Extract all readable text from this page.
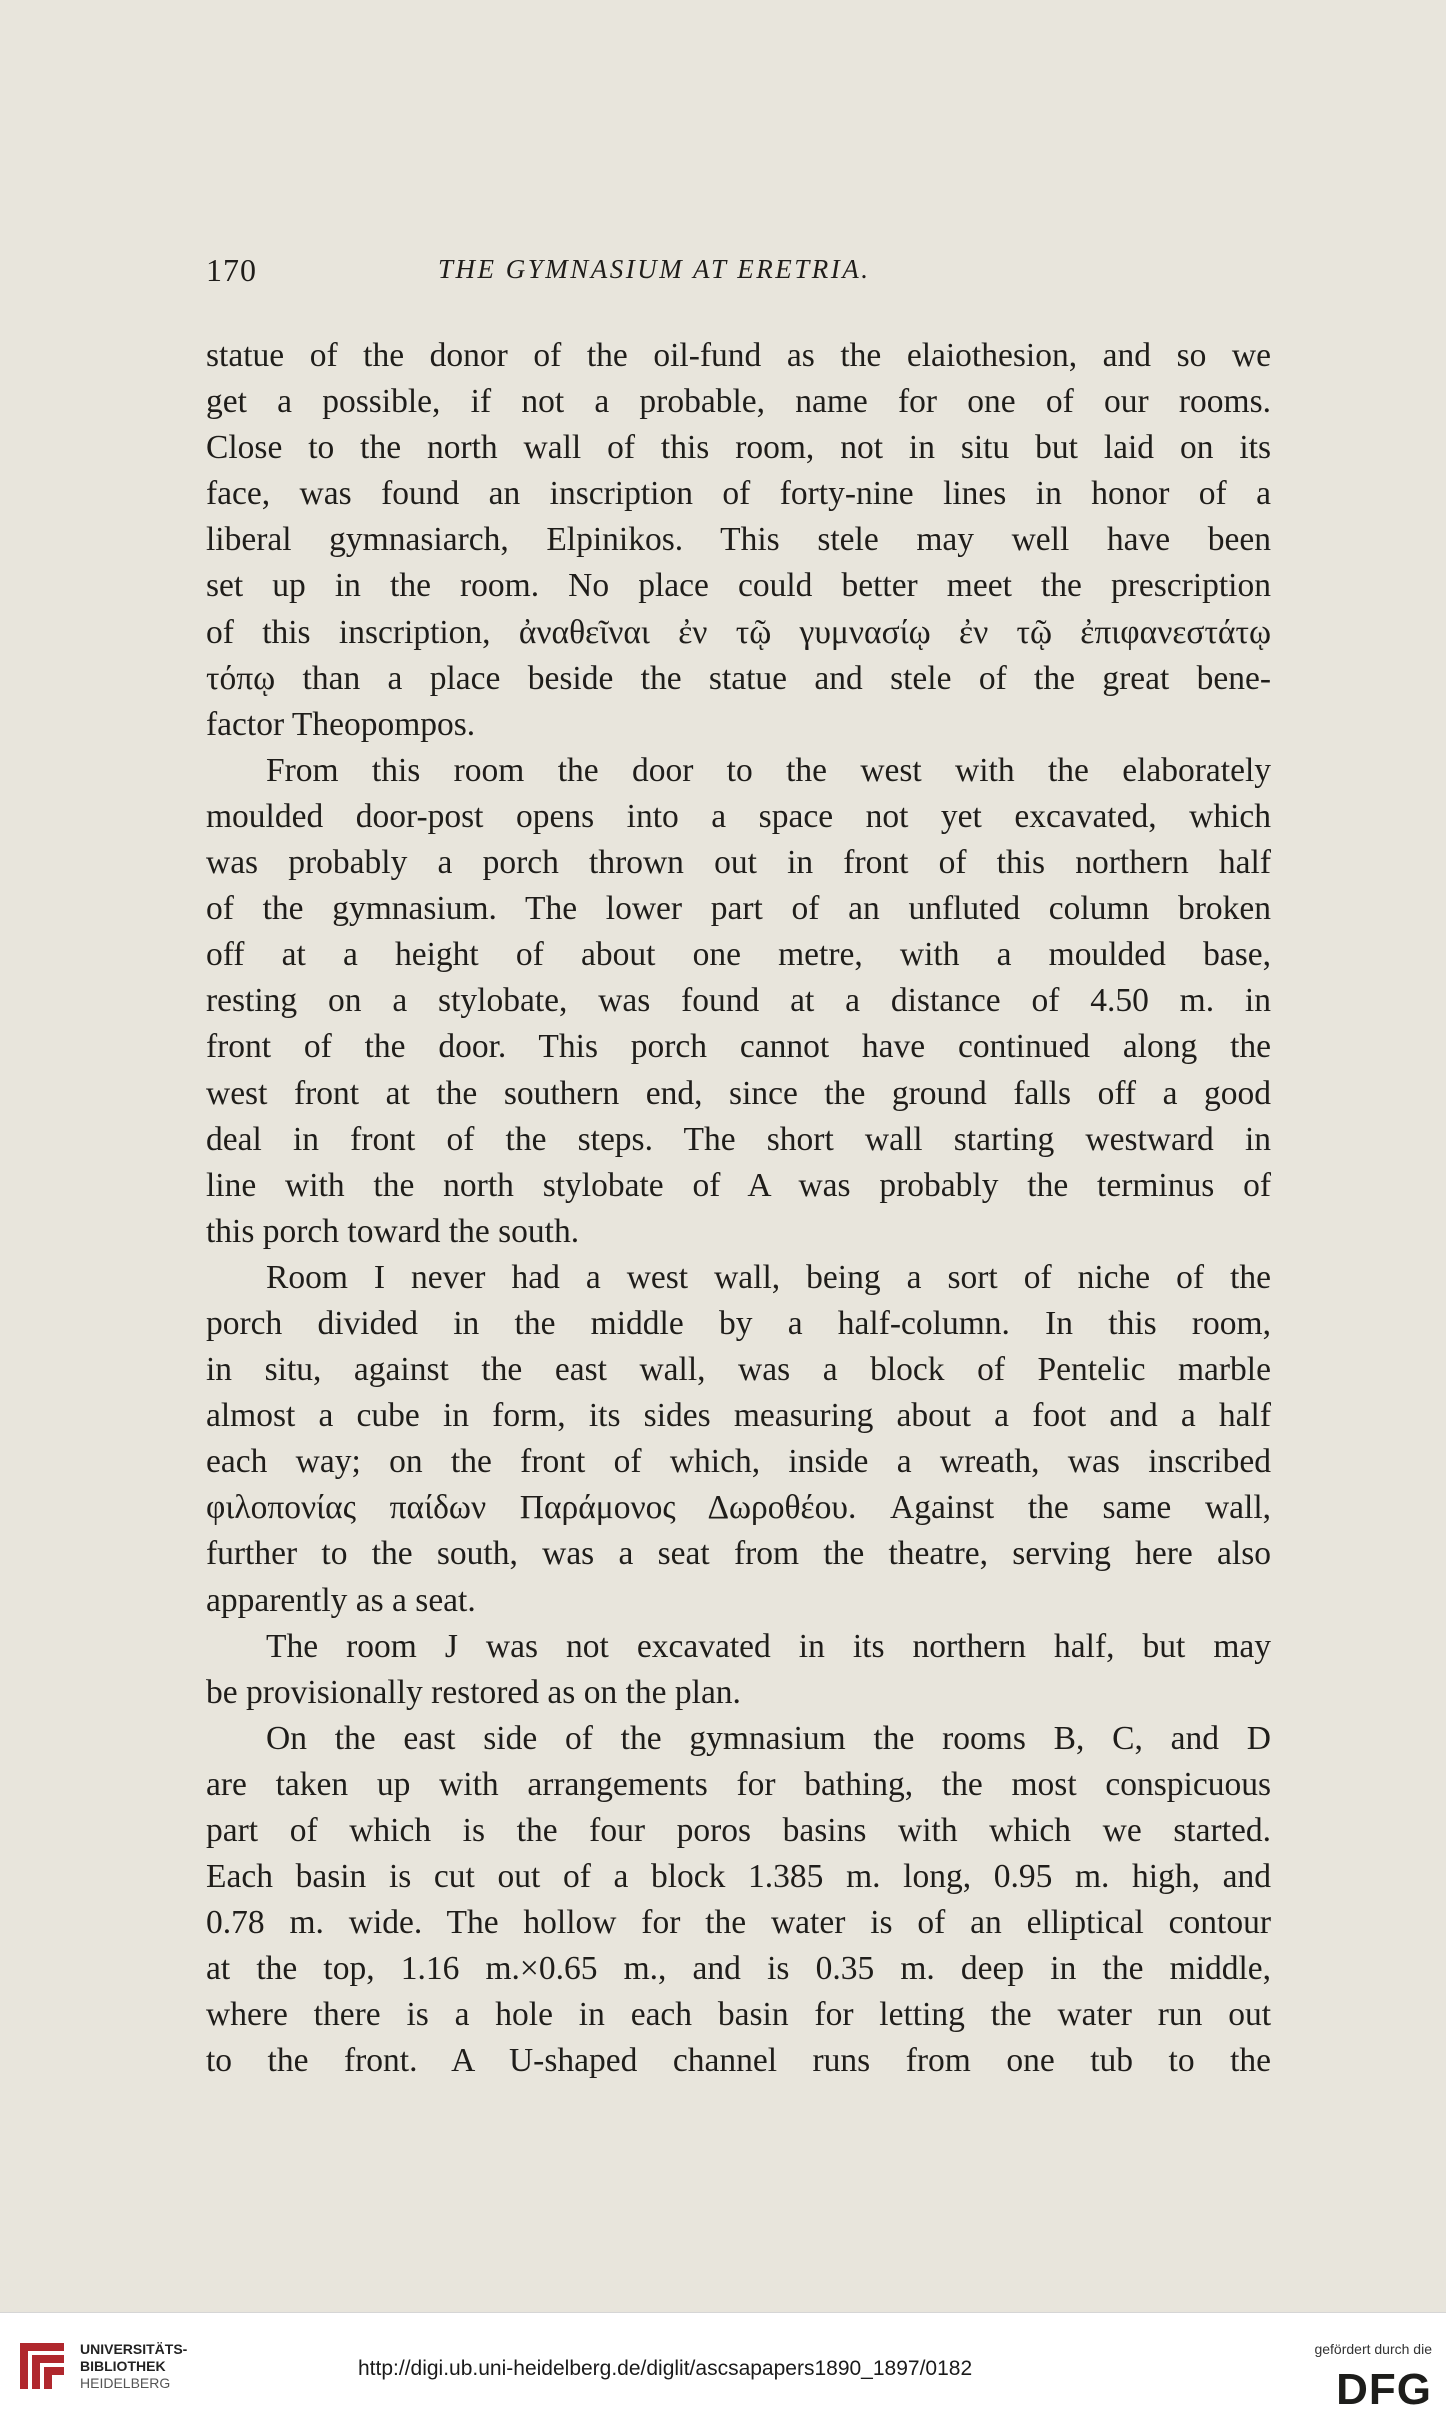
170	THE GYMNASIUM AT ERETRIA.
statue of the donor of the oil-fund as the elaiothesion, and so we
get a possible, if not a probable, name for one of our rooms.
Close to the north wall of this room, not in situ but laid on its
face, was found an inscription of forty-nine lines in honor of a
liberal gymnasiarch, Elpinikos. This stele may well have been
set up in the room. No place could better meet the prescription
of this inscription, ἀναθεῖναι ἐν τῷ γυμνασίῳ ἐν τῷ ἐπιφανεστάτῳ
τόπῳ than a place beside the statue and stele of the great bene-
factor Theopompos.
From this room the door to the west with the elaborately
moulded door-post opens into a space not yet excavated, which
was probably a porch thrown out in front of this northern half
of the gymnasium. The lower part of an unfluted column broken
off at a height of about one metre, with a moulded base,
resting on a stylobate, was found at a distance of 4.50 m. in
front of the door. This porch cannot have continued along the
west front at the southern end, since the ground falls off a good
deal in front of the steps. The short wall starting westward in
line with the north stylobate of A was probably the terminus of
this porch toward the south.
Room I never had a west wall, being a sort of niche of the
porch divided in the middle by a half-column. In this room,
in situ, against the east wall, was a block of Pentelic marble
almost a cube in form, its sides measuring about a foot and a half
each way; on the front of which, inside a wreath, was inscribed
φιλοπονίας παίδων Παράμονος Δωροθέου. Against the same wall,
further to the south, was a seat from the theatre, serving here also
apparently as a seat.
The room J was not excavated in its northern half, but may
be provisionally restored as on the plan.
On the east side of the gymnasium the rooms B, C, and D
are taken up with arrangements for bathing, the most conspicuous
part of which is the four poros basins with which we started.
Each basin is cut out of a block 1.385 m. long, 0.95 m. high, and
0.78 m. wide. The hollow for the water is of an elliptical contour
at the top, 1.16 m.×0.65 m., and is 0.35 m. deep in the middle,
where there is a hole in each basin for letting the water run out
to the front. A U-shaped channel runs from one tub to the
UNIVERSITÄTS-
BIBLIOTHEK
HEIDELBERG
http://digi.ub.uni-heidelberg.de/diglit/ascsapapers1890_1897/0182
gefördert durch die
DFG
